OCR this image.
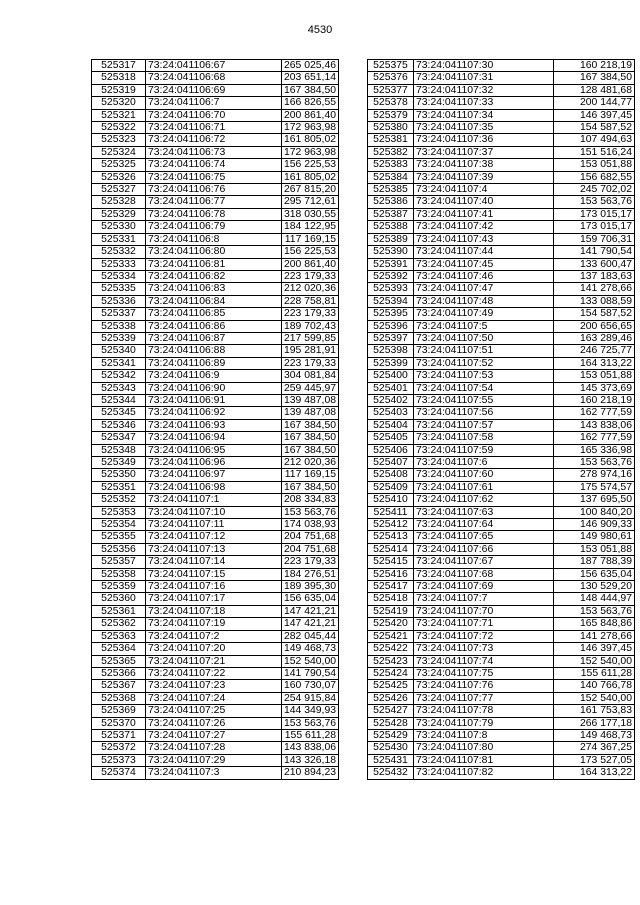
4530
525317	73:24:041106:67	265 025,46
525318	73:24:041106:68	203 651,14
525319	73:24:041106:69	167 384,50
525320	73:24:041106:7	166 826,55
525321	73:24:041106:70	200 861,40
525322	73:24:041106:71	172 963,98
525323	73:24:041106:72	161 805,02
525324	73:24:041106:73	172 963,98
525325	73:24:041106:74	156 225,53
525326	73:24:041106:75	161 805,02
525327	73:24:041106:76	267 815,20
525328	73:24:041106:77	295 712,61
525329	73:24:041106:78	318 030,55
525330	73:24:041106:79	184 122,95
525331	73:24:041106:8	117 169,15
525332	73:24:041106:80	156 225,53
525333	73:24:041106:81	200 861,40
525334	73:24:041106:82	223 179,33
525335	73:24:041106:83	212 020,36
525336	73:24:041106:84	228 758,81
525337	73:24:041106:85	223 179,33
525338	73:24:041106:86	189 702,43
525339	73:24:041106:87	217 599,85
525340	73:24:041106:88	195 281,91
525341	73:24:041106:89	223 179,33
525342	73:24:041106:9	304 081,84
525343	73:24:041106:90	259 445,97
525344	73:24:041106:91	139 487,08
525345	73:24:041106:92	139 487,08
525346	73:24:041106:93	167 384,50
525347	73:24:041106:94	167 384,50
525348	73:24:041106:95	167 384,50
525349	73:24:041106:96	212 020,36
525350	73:24:041106:97	117 169,15
525351	73:24:041106:98	167 384,50
525352	73:24:041107:1	208 334,83
525353	73:24:041107:10	153 563,76
525354	73:24:041107:11	174 038,93
525355	73:24:041107:12	204 751,68
525356	73:24:041107:13	204 751,68
525357	73:24:041107:14	223 179,33
525358	73:24:041107:15	184 276,51
525359	73:24:041107:16	189 395,30
525360	73:24:041107:17	156 635,04
525361	73:24:041107:18	147 421,21
525362	73:24:041107:19	147 421,21
525363	73:24:041107:2	282 045,44
525364	73:24:041107:20	149 468,73
525365	73:24:041107:21	152 540,00
525366	73:24:041107:22	141 790,54
525367	73:24:041107:23	160 730,07
525368	73:24:041107:24	254 915,84
525369	73:24:041107:25	144 349,93
525370	73:24:041107:26	153 563,76
525371	73:24:041107:27	155 611,28
525372	73:24:041107:28	143 838,06
525373	73:24:041107:29	143 326,18
525374	73:24:041107:3	210 894,23
525375	73:24:041107:30	160 218,19
525376	73:24:041107:31	167 384,50
525377	73:24:041107:32	128 481,68
525378	73:24:041107:33	200 144,77
525379	73:24:041107:34	146 397,45
525380	73:24:041107:35	154 587,52
525381	73:24:041107:36	107 494,63
525382	73:24:041107:37	151 516,24
525383	73:24:041107:38	153 051,88
525384	73:24:041107:39	156 682,55
525385	73:24:041107:4	245 702,02
525386	73:24:041107:40	153 563,76
525387	73:24:041107:41	173 015,17
525388	73:24:041107:42	173 015,17
525389	73:24:041107:43	159 706,31
525390	73:24:041107:44	141 790,54
525391	73:24:041107:45	133 600,47
525392	73:24:041107:46	137 183,63
525393	73:24:041107:47	141 278,66
525394	73:24:041107:48	133 088,59
525395	73:24:041107:49	154 587,52
525396	73:24:041107:5	200 656,65
525397	73:24:041107:50	163 289,46
525398	73:24:041107:51	246 725,77
525399	73:24:041107:52	164 313,22
525400	73:24:041107:53	153 051,88
525401	73:24:041107:54	145 373,69
525402	73:24:041107:55	160 218,19
525403	73:24:041107:56	162 777,59
525404	73:24:041107:57	143 838,06
525405	73:24:041107:58	162 777,59
525406	73:24:041107:59	165 336,98
525407	73:24:041107:6	153 563,76
525408	73:24:041107:60	278 974,16
525409	73:24:041107:61	175 574,57
525410	73:24:041107:62	137 695,50
525411	73:24:041107:63	100 840,20
525412	73:24:041107:64	146 909,33
525413	73:24:041107:65	149 980,61
525414	73:24:041107:66	153 051,88
525415	73:24:041107:67	187 788,39
525416	73:24:041107:68	156 635,04
525417	73:24:041107:69	130 529,20
525418	73:24:041107:7	148 444,97
525419	73:24:041107:70	153 563,76
525420	73:24:041107:71	165 848,86
525421	73:24:041107:72	141 278,66
525422	73:24:041107:73	146 397,45
525423	73:24:041107:74	152 540,00
525424	73:24:041107:75	155 611,28
525425	73:24:041107:76	140 766,78
525426	73:24:041107:77	152 540,00
525427	73:24:041107:78	161 753,83
525428	73:24:041107:79	266 177,18
525429	73:24:041107:8	149 468,73
525430	73:24:041107:80	274 367,25
525431	73:24:041107:81	173 527,05
525432	73:24:041107:82	164 313,22
